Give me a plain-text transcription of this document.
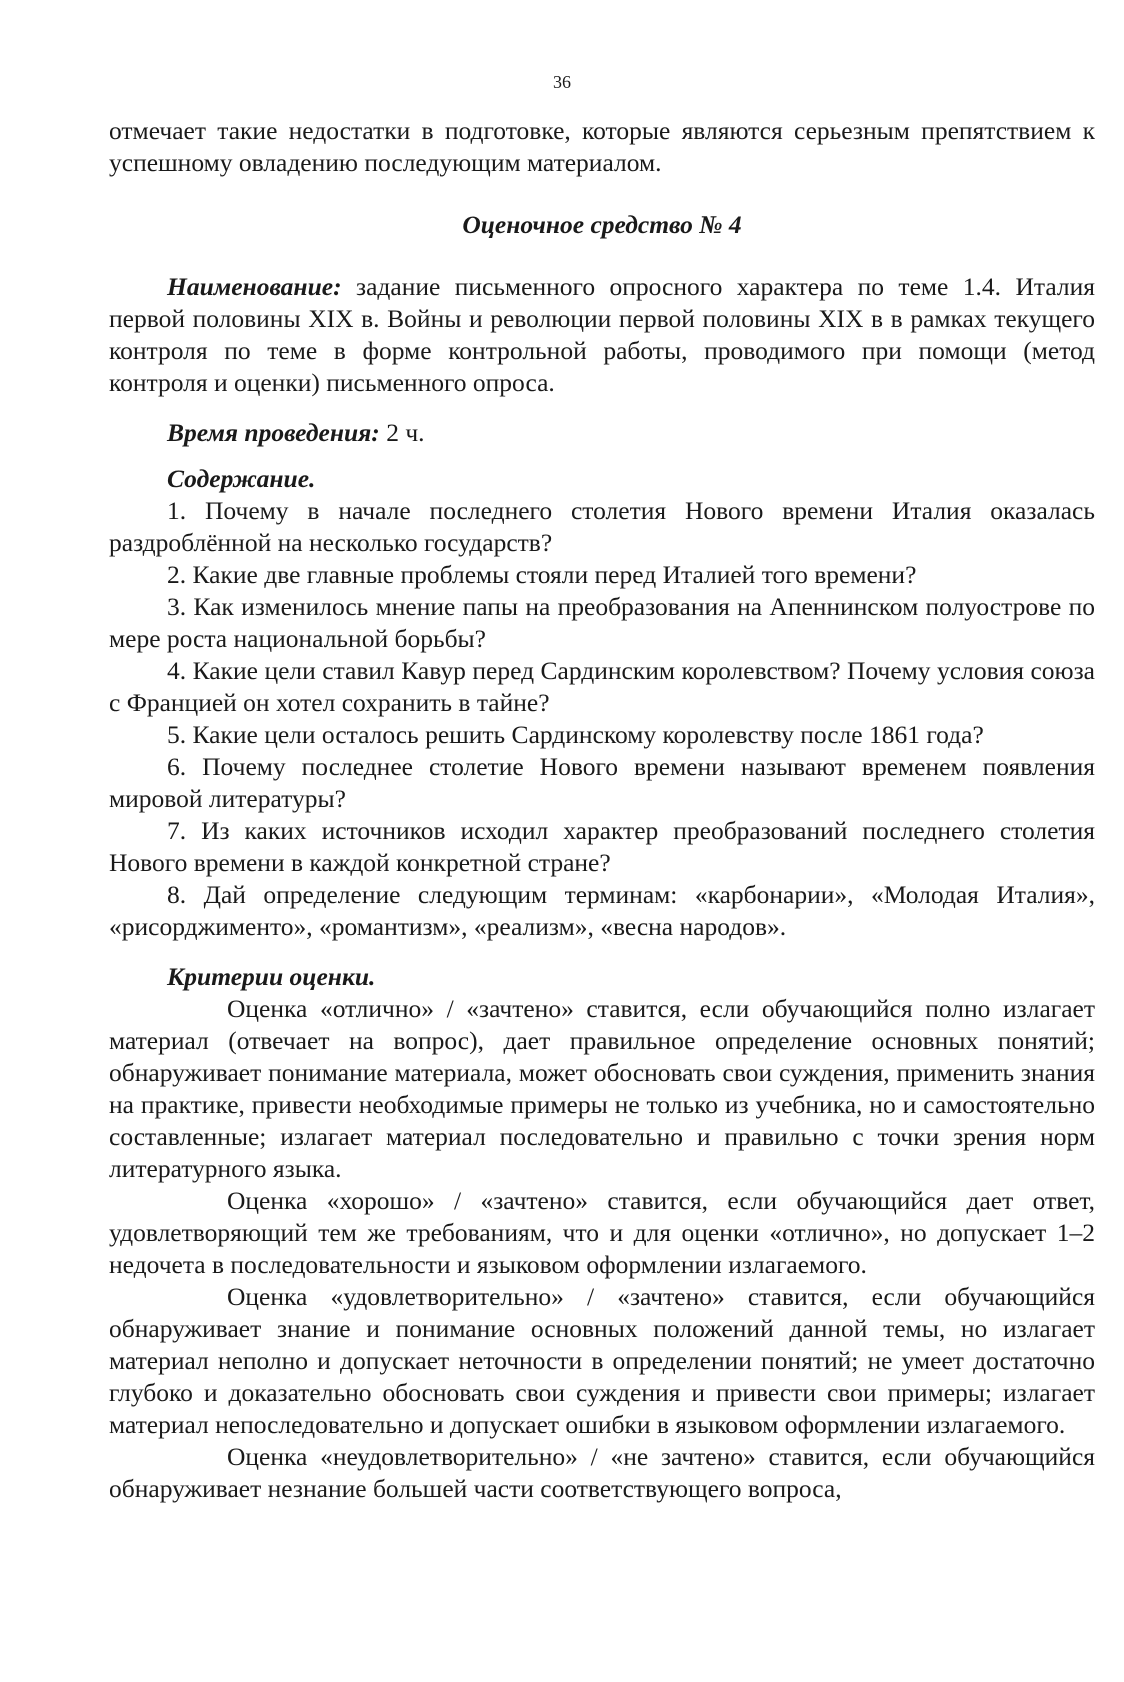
36

отмечает такие недостатки в подготовке, которые являются серьезным препятствием к успешному овладению последующим материалом.

Оценочное средство № 4

Наименование: задание письменного опросного характера по теме 1.4. Италия первой половины XIX в. Войны и революции первой половины XIX в в рамках текущего контроля по теме в форме контрольной работы, проводимого при помощи (метод контроля и оценки) письменного опроса.

Время проведения: 2 ч.

Содержание.

1. Почему в начале последнего столетия Нового времени Италия оказалась раздроблённой на несколько государств?

2. Какие две главные проблемы стояли перед Италией того времени?

3. Как изменилось мнение папы на преобразования на Апеннинском полуострове по мере роста национальной борьбы?

4. Какие цели ставил Кавур перед Сардинским королевством? Почему условия союза с Францией он хотел сохранить в тайне?

5. Какие цели осталось решить Сардинскому королевству после 1861 года?

6. Почему последнее столетие Нового времени называют временем появления мировой литературы?

7. Из каких источников исходил характер преобразований последнего столетия Нового времени в каждой конкретной стране?

8. Дай определение следующим терминам: «карбонарии», «Молодая Италия», «рисорджименто», «романтизм», «реализм», «весна народов».

Критерии оценки.

Оценка «отлично» / «зачтено» ставится, если обучающийся полно излагает материал (отвечает на вопрос), дает правильное определение основных понятий; обнаруживает понимание материала, может обосновать свои суждения, применить знания на практике, привести необходимые примеры не только из учебника, но и самостоятельно составленные; излагает материал последовательно и правильно с точки зрения норм литературного языка.

Оценка «хорошо» / «зачтено» ставится, если обучающийся дает ответ, удовлетворяющий тем же требованиям, что и для оценки «отлично», но допускает 1–2 недочета в последовательности и языковом оформлении излагаемого.

Оценка «удовлетворительно» / «зачтено» ставится, если обучающийся обнаруживает знание и понимание основных положений данной темы, но излагает материал неполно и допускает неточности в определении понятий; не умеет достаточно глубоко и доказательно обосновать свои суждения и привести свои примеры; излагает материал непоследовательно и допускает ошибки в языковом оформлении излагаемого.

Оценка «неудовлетворительно» / «не зачтено» ставится, если обучающийся обнаруживает незнание большей части соответствующего вопроса,
